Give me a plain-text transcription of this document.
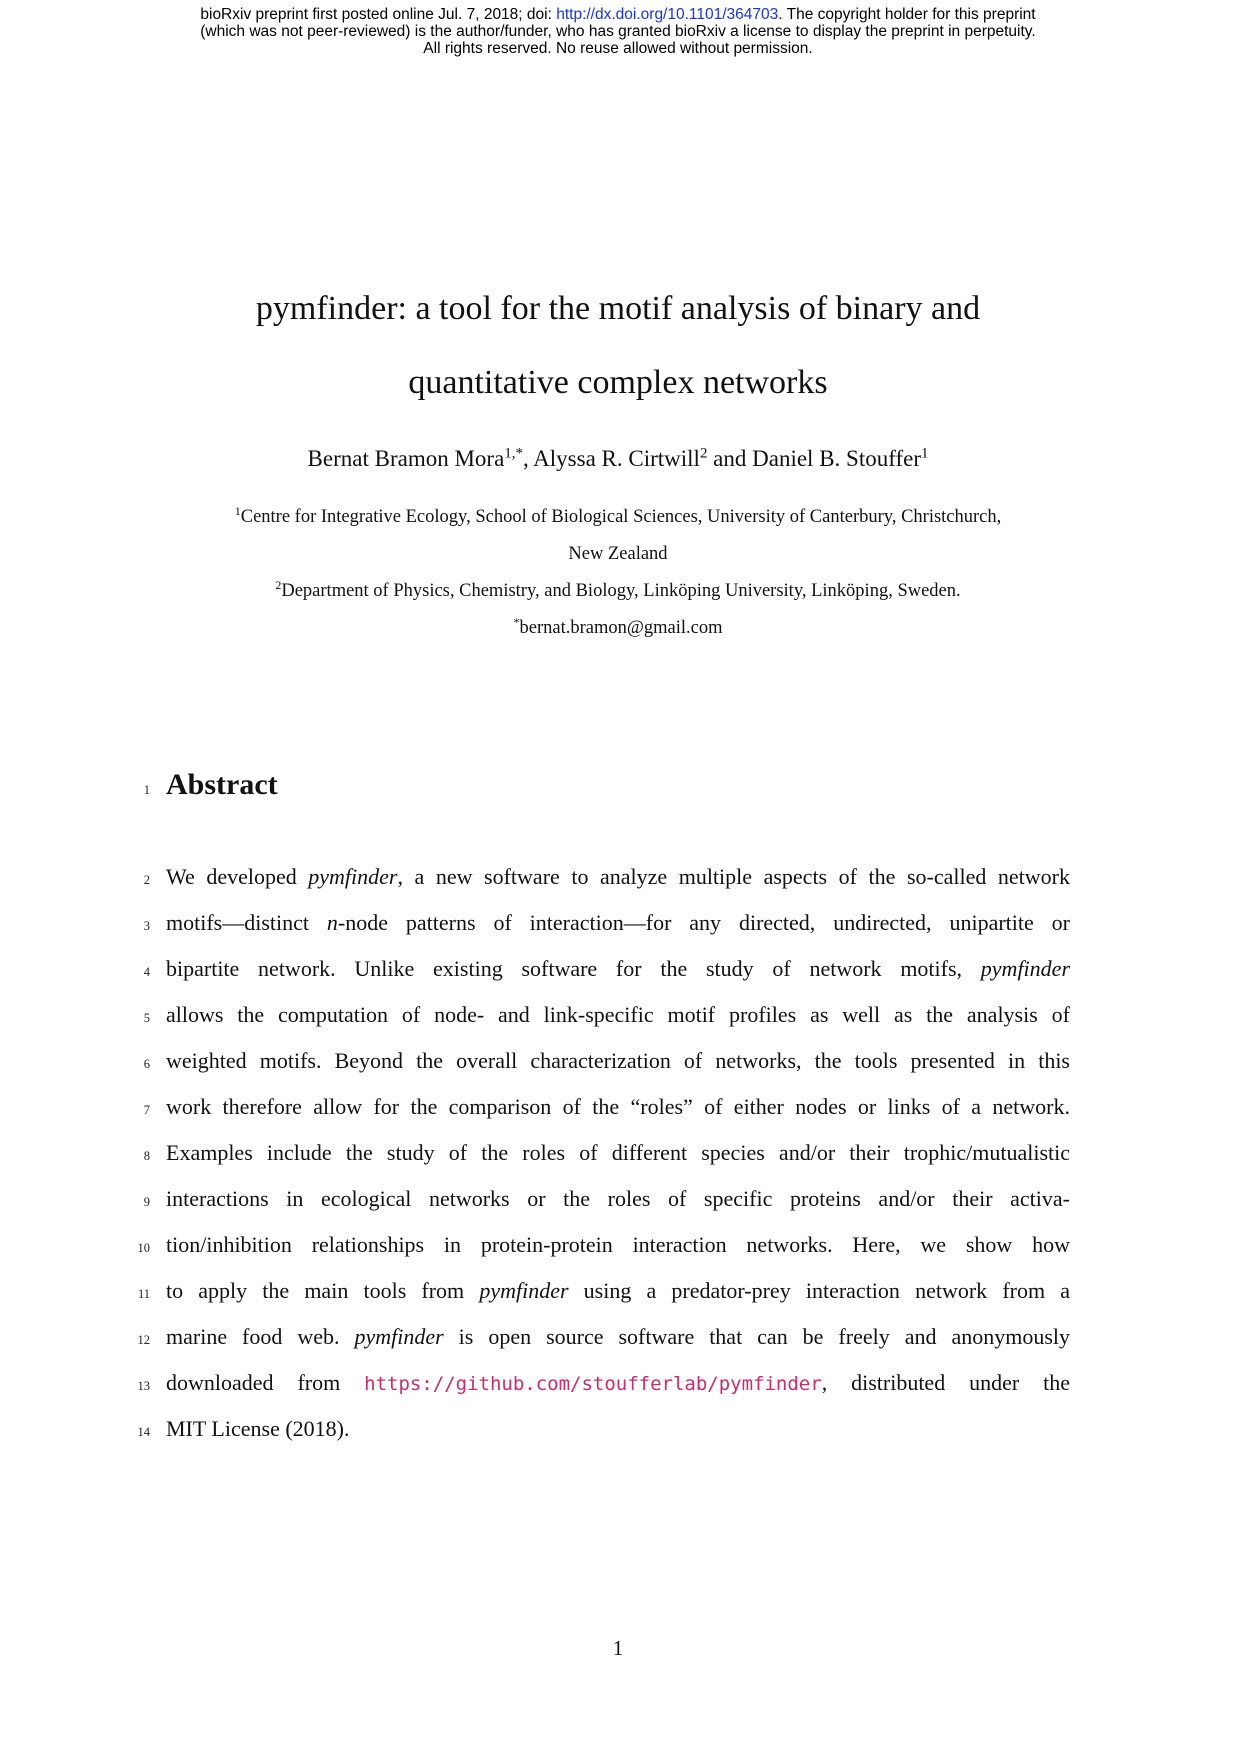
bioRxiv preprint first posted online Jul. 7, 2018; doi: http://dx.doi.org/10.1101/364703. The copyright holder for this preprint
(which was not peer-reviewed) is the author/funder, who has granted bioRxiv a license to display the preprint in perpetuity.
All rights reserved. No reuse allowed without permission.
pymfinder: a tool for the motif analysis of binary and
quantitative complex networks
Bernat Bramon Mora$^{1,*}$, Alyssa R. Cirtwill$^2$ and Daniel B. Stouffer$^1$
$^1$Centre for Integrative Ecology, School of Biological Sciences, University of Canterbury, Christchurch,
New Zealand
$^2$Department of Physics, Chemistry, and Biology, Linköping University, Linköping, Sweden.
*bernat.bramon@gmail.com
1 Abstract
2 We developed pymfinder, a new software to analyze multiple aspects of the so-called network
3 motifs—distinct n-node patterns of interaction—for any directed, undirected, unipartite or
4 bipartite network. Unlike existing software for the study of network motifs, pymfinder
5 allows the computation of node- and link-specific motif profiles as well as the analysis of
6 weighted motifs. Beyond the overall characterization of networks, the tools presented in this
7 work therefore allow for the comparison of the “roles” of either nodes or links of a network.
8 Examples include the study of the roles of different species and/or their trophic/mutualistic
9 interactions in ecological networks or the roles of specific proteins and/or their activa-
10 tion/inhibition relationships in protein-protein interaction networks. Here, we show how
11 to apply the main tools from pymfinder using a predator-prey interaction network from a
12 marine food web. pymfinder is open source software that can be freely and anonymously
13 downloaded from https://github.com/stoufferlab/pymfinder, distributed under the
14 MIT License (2018).
1
